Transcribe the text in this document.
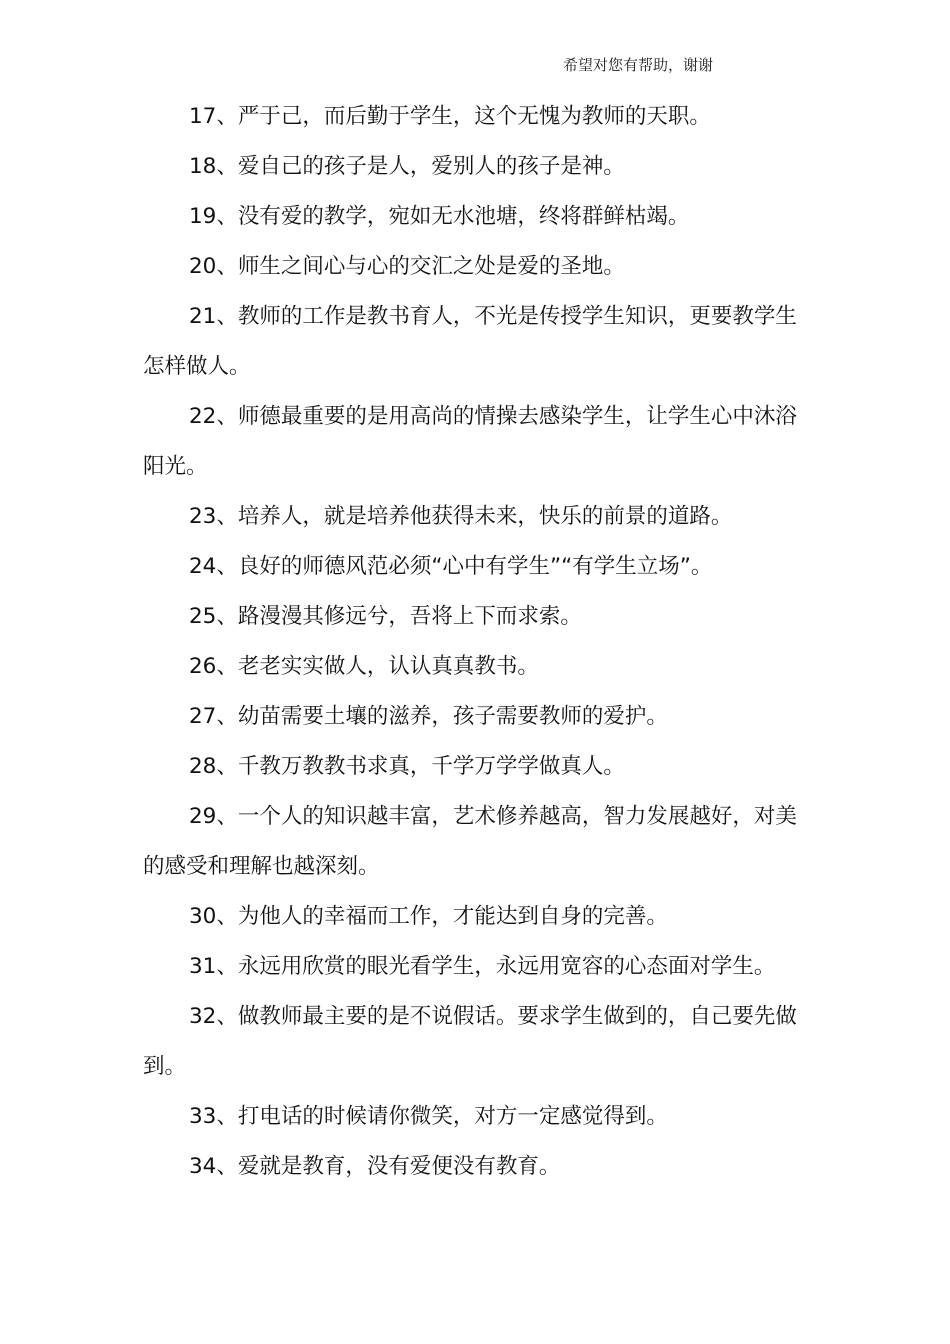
希望对您有帮助，谢谢

17、严于己，而后勤于学生，这个无愧为教师的天职。

18、爱自己的孩子是人，爱别人的孩子是神。

19、没有爱的教学，宛如无水池塘，终将群鲜枯竭。

20、师生之间心与心的交汇之处是爱的圣地。

21、教师的工作是教书育人，不光是传授学生知识，更要教学生怎样做人。

22、师德最重要的是用高尚的情操去感染学生，让学生心中沐浴阳光。

23、培养人，就是培养他获得未来，快乐的前景的道路。

24、良好的师德风范必须“心中有学生”“有学生立场”。

25、路漫漫其修远兮，吾将上下而求索。

26、老老实实做人，认认真真教书。

27、幼苗需要土壤的滋养，孩子需要教师的爱护。

28、千教万教教书求真，千学万学学做真人。

29、一个人的知识越丰富，艺术修养越高，智力发展越好，对美的感受和理解也越深刻。

30、为他人的幸福而工作，才能达到自身的完善。

31、永远用欣赏的眼光看学生，永远用宽容的心态面对学生。

32、做教师最主要的是不说假话。要求学生做到的，自己要先做到。

33、打电话的时候请你微笑，对方一定感觉得到。

34、爱就是教育，没有爱便没有教育。
